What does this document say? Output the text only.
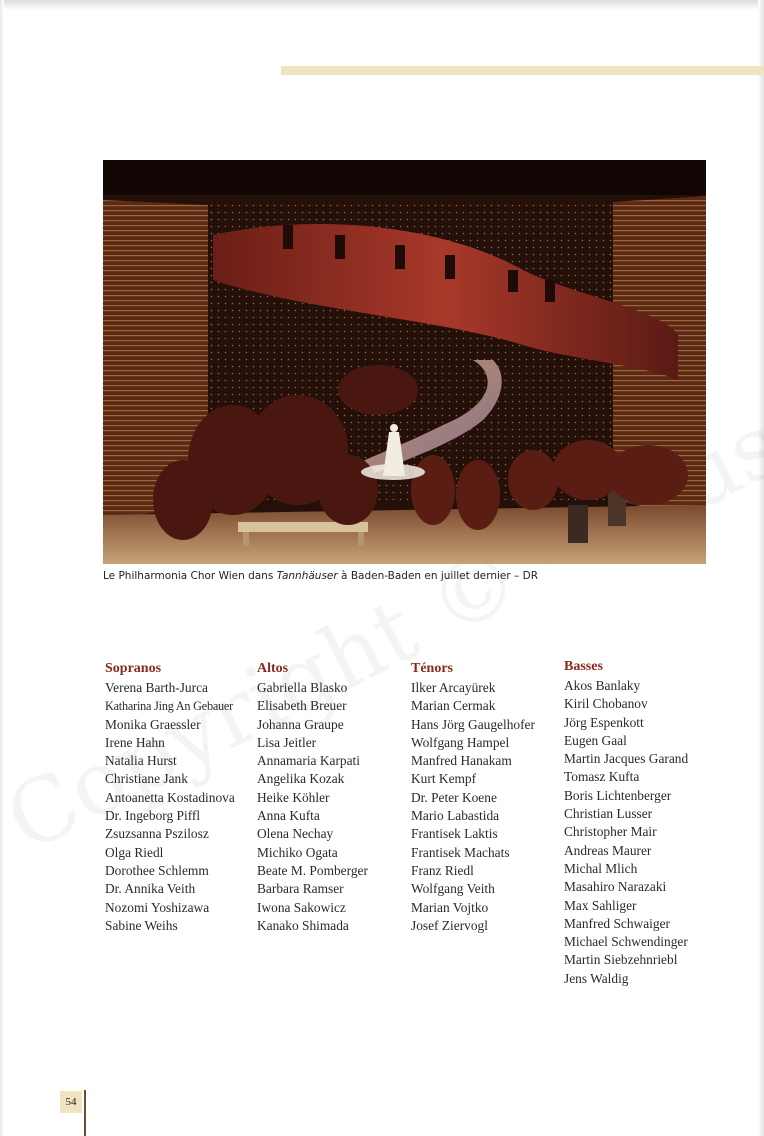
Le Philharmonia Chor Wien dans Tannhäuser à Baden-Baden en juillet dernier – DR
Sopranos
Verena Barth-Jurca
Katharina Jing An Gebauer
Monika Graessler
Irene Hahn
Natalia Hurst
Christiane Jank
Antoanetta Kostadinova
Dr. Ingeborg Piffl
Zsuzsanna Pszilosz
Olga Riedl
Dorothee Schlemm
Dr. Annika Veith
Nozomi Yoshizawa
Sabine Weihs
Altos
Gabriella Blasko
Elisabeth Breuer
Johanna Graupe
Lisa Jeitler
Annamaria Karpati
Angelika Kozak
Heike Köhler
Anna Kufta
Olena Nechay
Michiko Ogata
Beate M. Pomberger
Barbara Ramser
Iwona Sakowicz
Kanako Shimada
Ténors
Ilker Arcayürek
Marian Cermak
Hans Jörg Gaugelhofer
Wolfgang Hampel
Manfred Hanakam
Kurt Kempf
Dr. Peter Koene
Mario Labastida
Frantisek Laktis
Frantisek Machats
Franz Riedl
Wolfgang Veith
Marian Vojtko
Josef Ziervogl
Basses
Akos Banlaky
Kiril Chobanov
Jörg Espenkott
Eugen Gaal
Martin Jacques Garand
Tomasz Kufta
Boris Lichtenberger
Christian Lusser
Christopher Mair
Andreas Maurer
Michal Mlich
Masahiro Narazaki
Max Sahliger
Manfred Schwaiger
Michael Schwendinger
Martin Siebzehnriebl
Jens Waldig
54
